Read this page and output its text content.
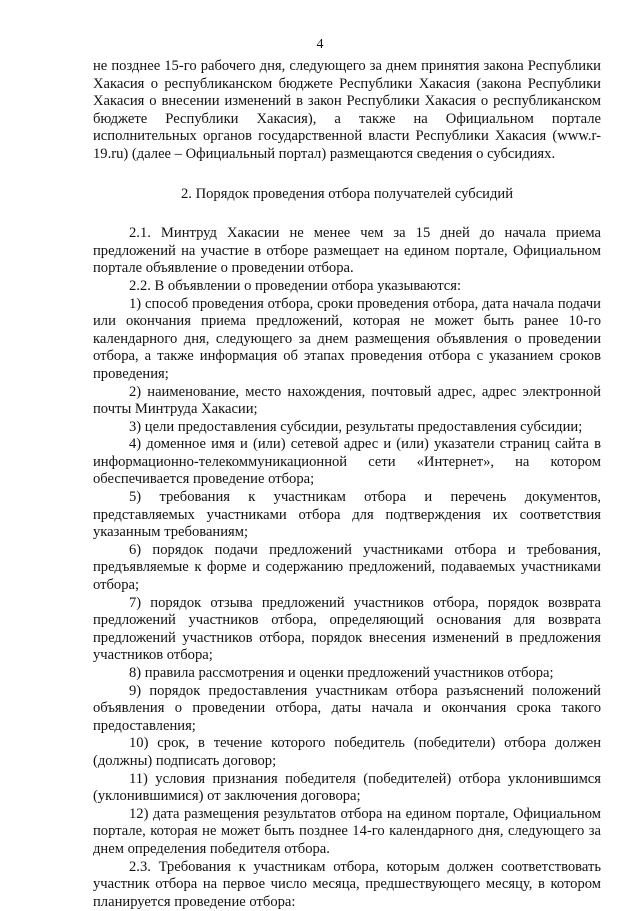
4

не позднее 15-го рабочего дня, следующего за днем принятия закона Республики Хакасия о республиканском бюджете Республики Хакасия (закона Республики Хакасия о внесении изменений в закон Республики Хакасия о республиканском бюджете Республики Хакасия), а также на Официальном портале исполнительных органов государственной власти Республики Хакасия (www.r-19.ru) (далее – Официальный портал) размещаются сведения о субсидиях.

2. Порядок проведения отбора получателей субсидий

2.1. Минтруд Хакасии не менее чем за 15 дней до начала приема предложений на участие в отборе размещает на едином портале, Официальном портале объявление о проведении отбора.

2.2. В объявлении о проведении отбора указываются:

1) способ проведения отбора, сроки проведения отбора, дата начала подачи или окончания приема предложений, которая не может быть ранее 10-го календарного дня, следующего за днем размещения объявления о проведении отбора, а также информация об этапах проведения отбора с указанием сроков проведения;

2) наименование, место нахождения, почтовый адрес, адрес электронной почты Минтруда Хакасии;

3) цели предоставления субсидии, результаты предоставления субсидии;

4) доменное имя и (или) сетевой адрес и (или) указатели страниц сайта в информационно-телекоммуникационной сети «Интернет», на котором обеспечивается проведение отбора;

5) требования к участникам отбора и перечень документов, представляемых участниками отбора для подтверждения их соответствия указанным требованиям;

6) порядок подачи предложений участниками отбора и требования, предъявляемые к форме и содержанию предложений, подаваемых участниками отбора;

7) порядок отзыва предложений участников отбора, порядок возврата предложений участников отбора, определяющий основания для возврата предложений участников отбора, порядок внесения изменений в предложения участников отбора;

8) правила рассмотрения и оценки предложений участников отбора;

9) порядок предоставления участникам отбора разъяснений положений объявления о проведении отбора, даты начала и окончания срока такого предоставления;

10) срок, в течение которого победитель (победители) отбора должен (должны) подписать договор;

11) условия признания победителя (победителей) отбора уклонившимся (уклонившимися) от заключения договора;

12) дата размещения результатов отбора на едином портале, Официальном портале, которая не может быть позднее 14-го календарного дня, следующего за днем определения победителя отбора.

2.3. Требования к участникам отбора, которым должен соответствовать участник отбора на первое число месяца, предшествующего месяцу, в котором планируется проведение отбора:
